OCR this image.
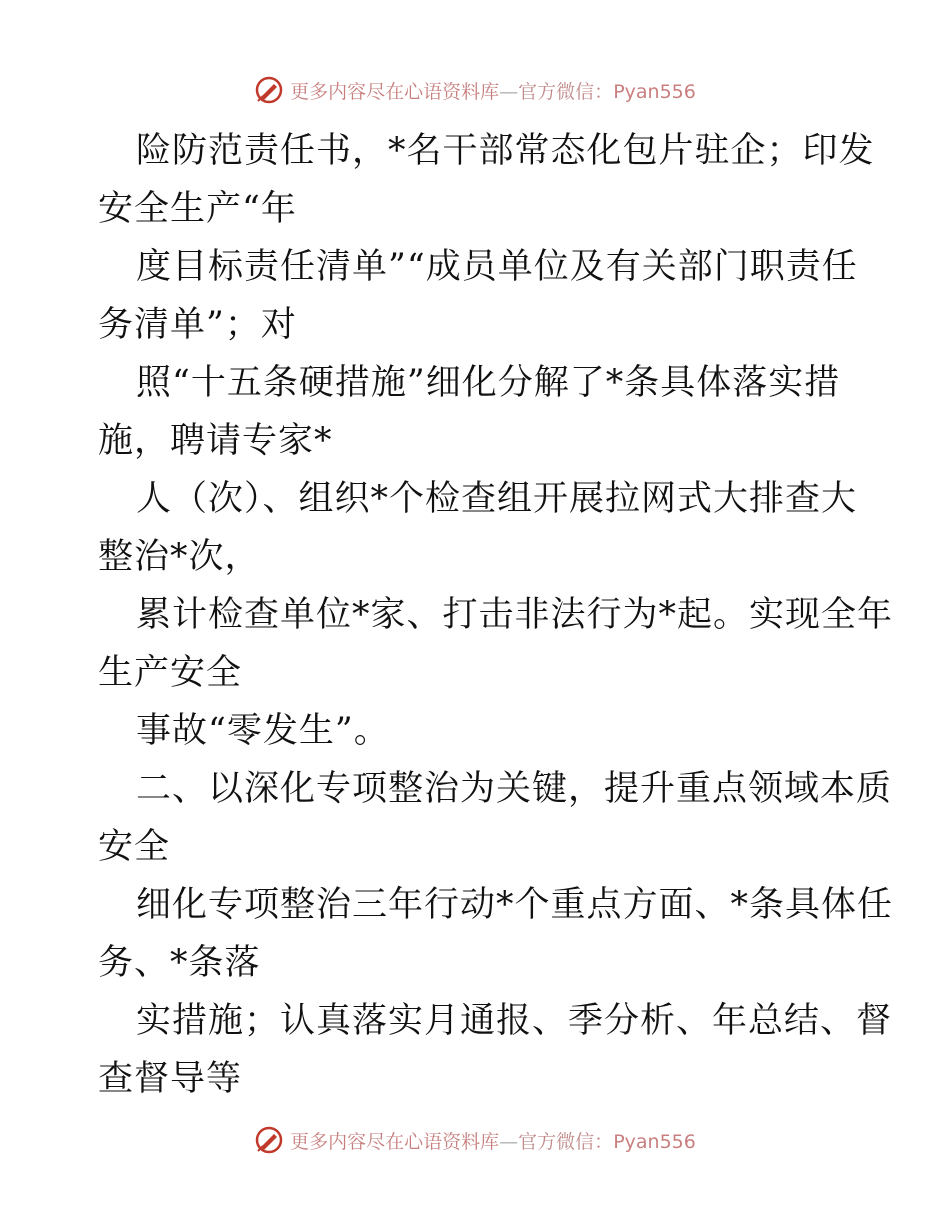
更多内容尽在心语资料库—官方微信：Pyan556
险防范责任书，*名干部常态化包片驻企；印发
安全生产“年
度目标责任清单”“成员单位及有关部门职责任
务清单”；对
照“十五条硬措施”细化分解了*条具体落实措
施，聘请专家*
人（次）、组织*个检查组开展拉网式大排查大
整治*次，
累计检查单位*家、打击非法行为*起。实现全年
生产安全
事故“零发生”。
二、以深化专项整治为关键，提升重点领域本质
安全
细化专项整治三年行动*个重点方面、*条具体任
务、*条落
实措施；认真落实月通报、季分析、年总结、督
查督导等
更多内容尽在心语资料库—官方微信：Pyan556
